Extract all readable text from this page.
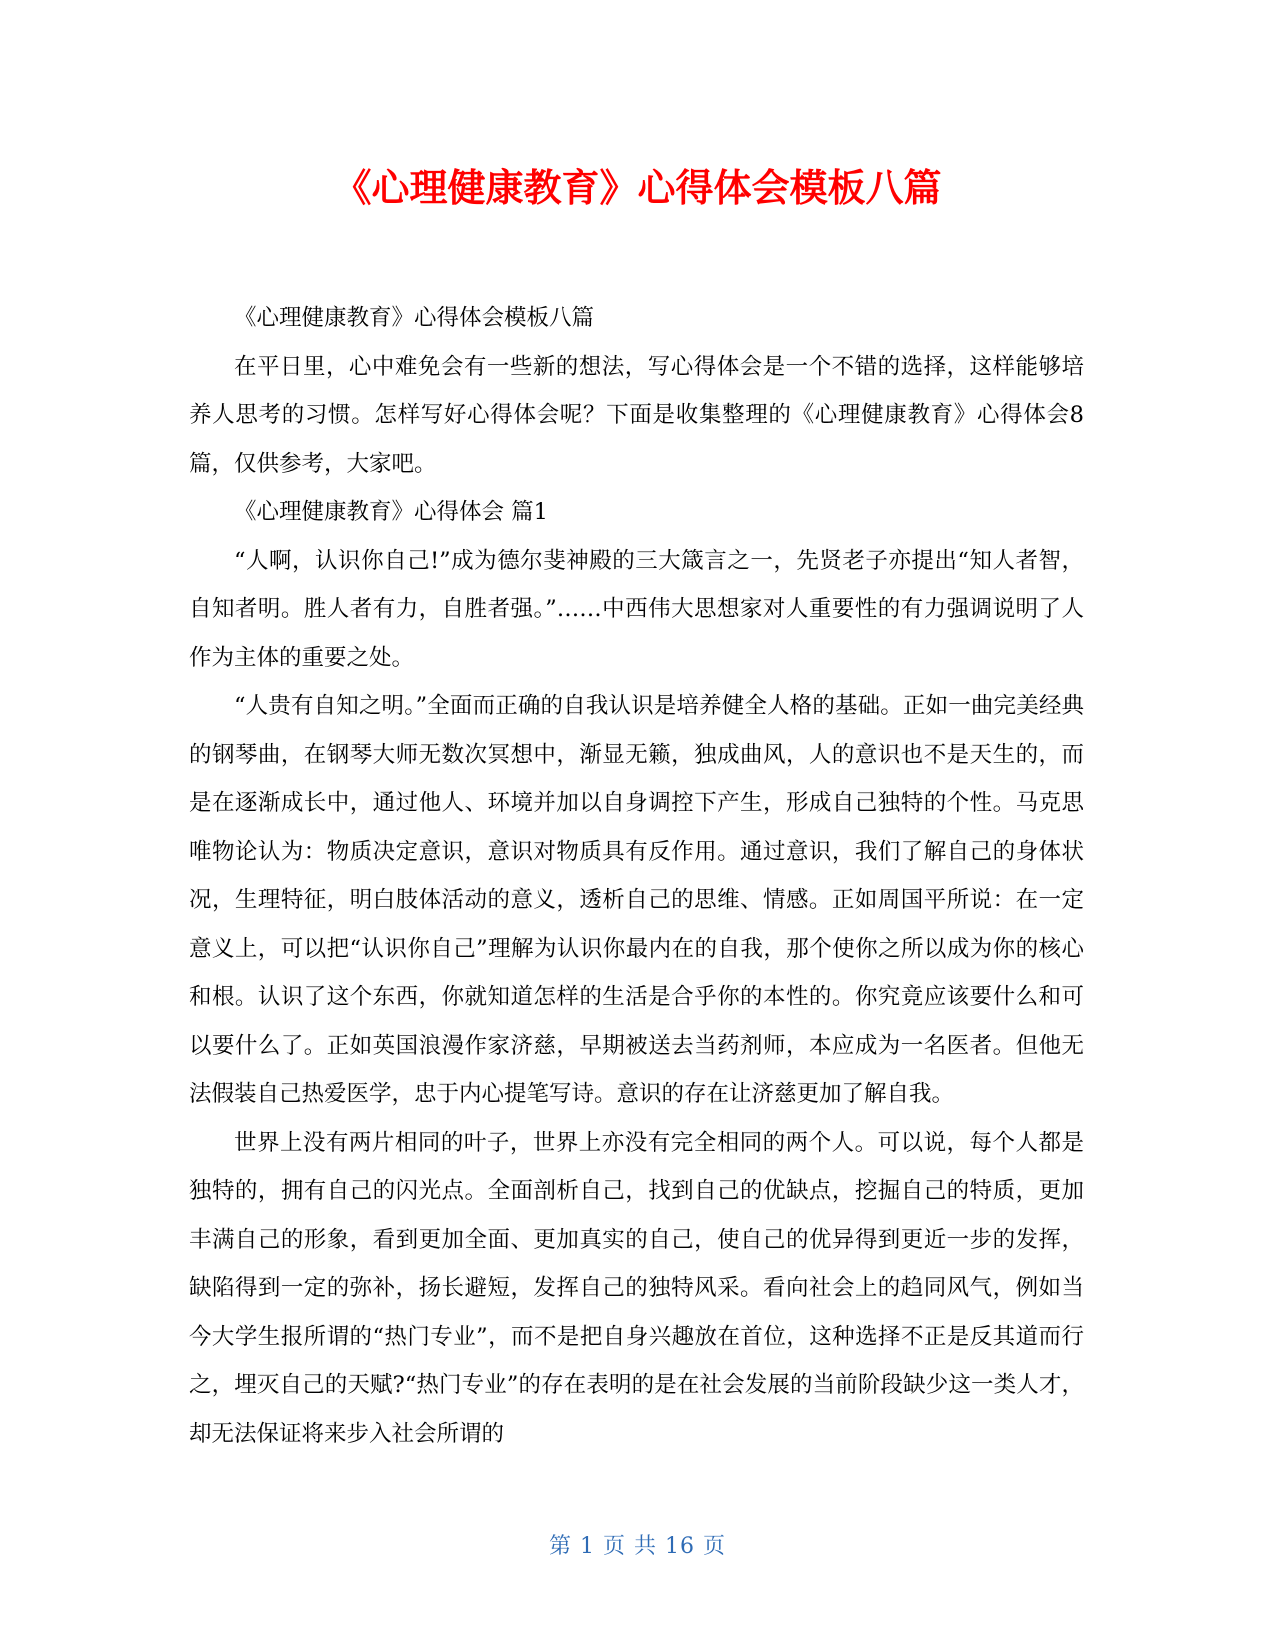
《心理健康教育》心得体会模板八篇

《心理健康教育》心得体会模板八篇

在平日里，心中难免会有一些新的想法，写心得体会是一个不错的选择，这样能够培养人思考的习惯。怎样写好心得体会呢？下面是收集整理的《心理健康教育》心得体会8篇，仅供参考，大家吧。

《心理健康教育》心得体会 篇1

“人啊，认识你自己!”成为德尔斐神殿的三大箴言之一，先贤老子亦提出“知人者智，自知者明。胜人者有力，自胜者强。”……中西伟大思想家对人重要性的有力强调说明了人作为主体的重要之处。

“人贵有自知之明。”全面而正确的自我认识是培养健全人格的基础。正如一曲完美经典的钢琴曲，在钢琴大师无数次冥想中，渐显无籁，独成曲风，人的意识也不是天生的，而是在逐渐成长中，通过他人、环境并加以自身调控下产生，形成自己独特的个性。马克思唯物论认为：物质决定意识，意识对物质具有反作用。通过意识，我们了解自己的身体状况，生理特征，明白肢体活动的意义，透析自己的思维、情感。正如周国平所说：在一定意义上，可以把“认识你自己”理解为认识你最内在的自我，那个使你之所以成为你的核心和根。认识了这个东西，你就知道怎样的生活是合乎你的本性的。你究竟应该要什么和可以要什么了。正如英国浪漫作家济慈，早期被送去当药剂师，本应成为一名医者。但他无法假装自己热爱医学，忠于内心提笔写诗。意识的存在让济慈更加了解自我。

世界上没有两片相同的叶子，世界上亦没有完全相同的两个人。可以说，每个人都是独特的，拥有自己的闪光点。全面剖析自己，找到自己的优缺点，挖掘自己的特质，更加丰满自己的形象，看到更加全面、更加真实的自己，使自己的优异得到更近一步的发挥，缺陷得到一定的弥补，扬长避短，发挥自己的独特风采。看向社会上的趋同风气，例如当今大学生报所谓的“热门专业”，而不是把自身兴趣放在首位，这种选择不正是反其道而行之，埋灭自己的天赋?“热门专业”的存在表明的是在社会发展的当前阶段缺少这一类人才，却无法保证将来步入社会所谓的

第 1 页 共 16 页
